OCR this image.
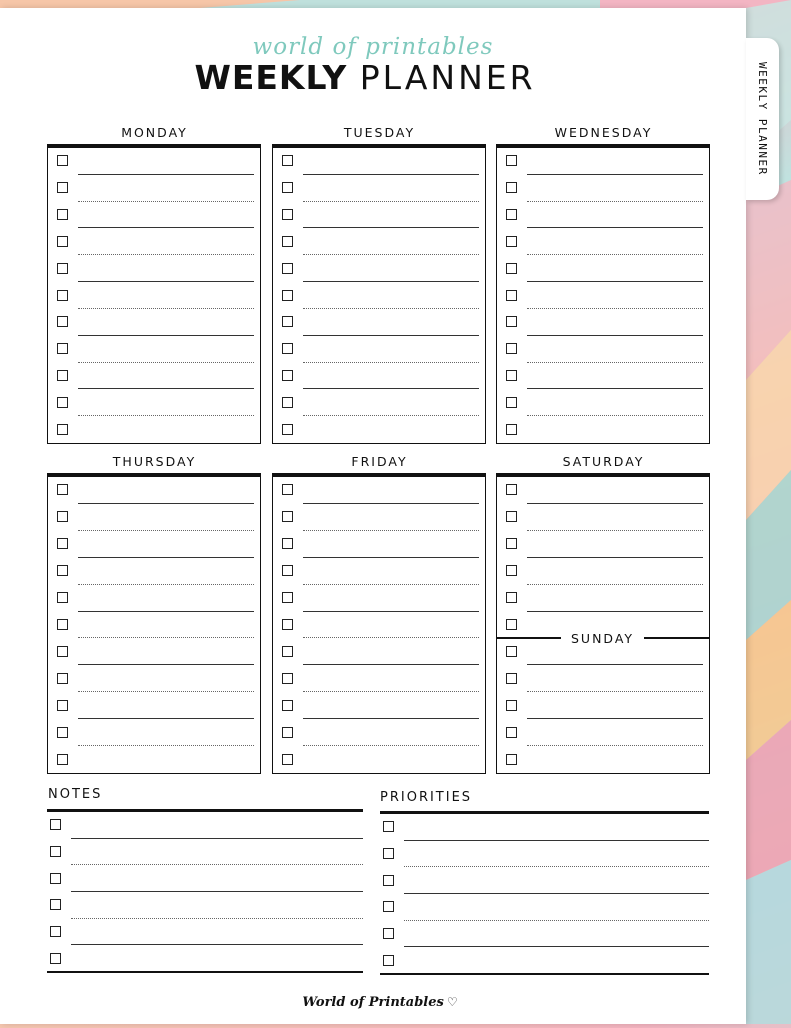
WEEKLY PLANNER
world of printables
WEEKLY PLANNER
MONDAY	TUESDAY	WEDNESDAY
THURSDAY	FRIDAY	SATURDAY
SUNDAY
NOTES	PRIORITIES
World of Printables ♡
